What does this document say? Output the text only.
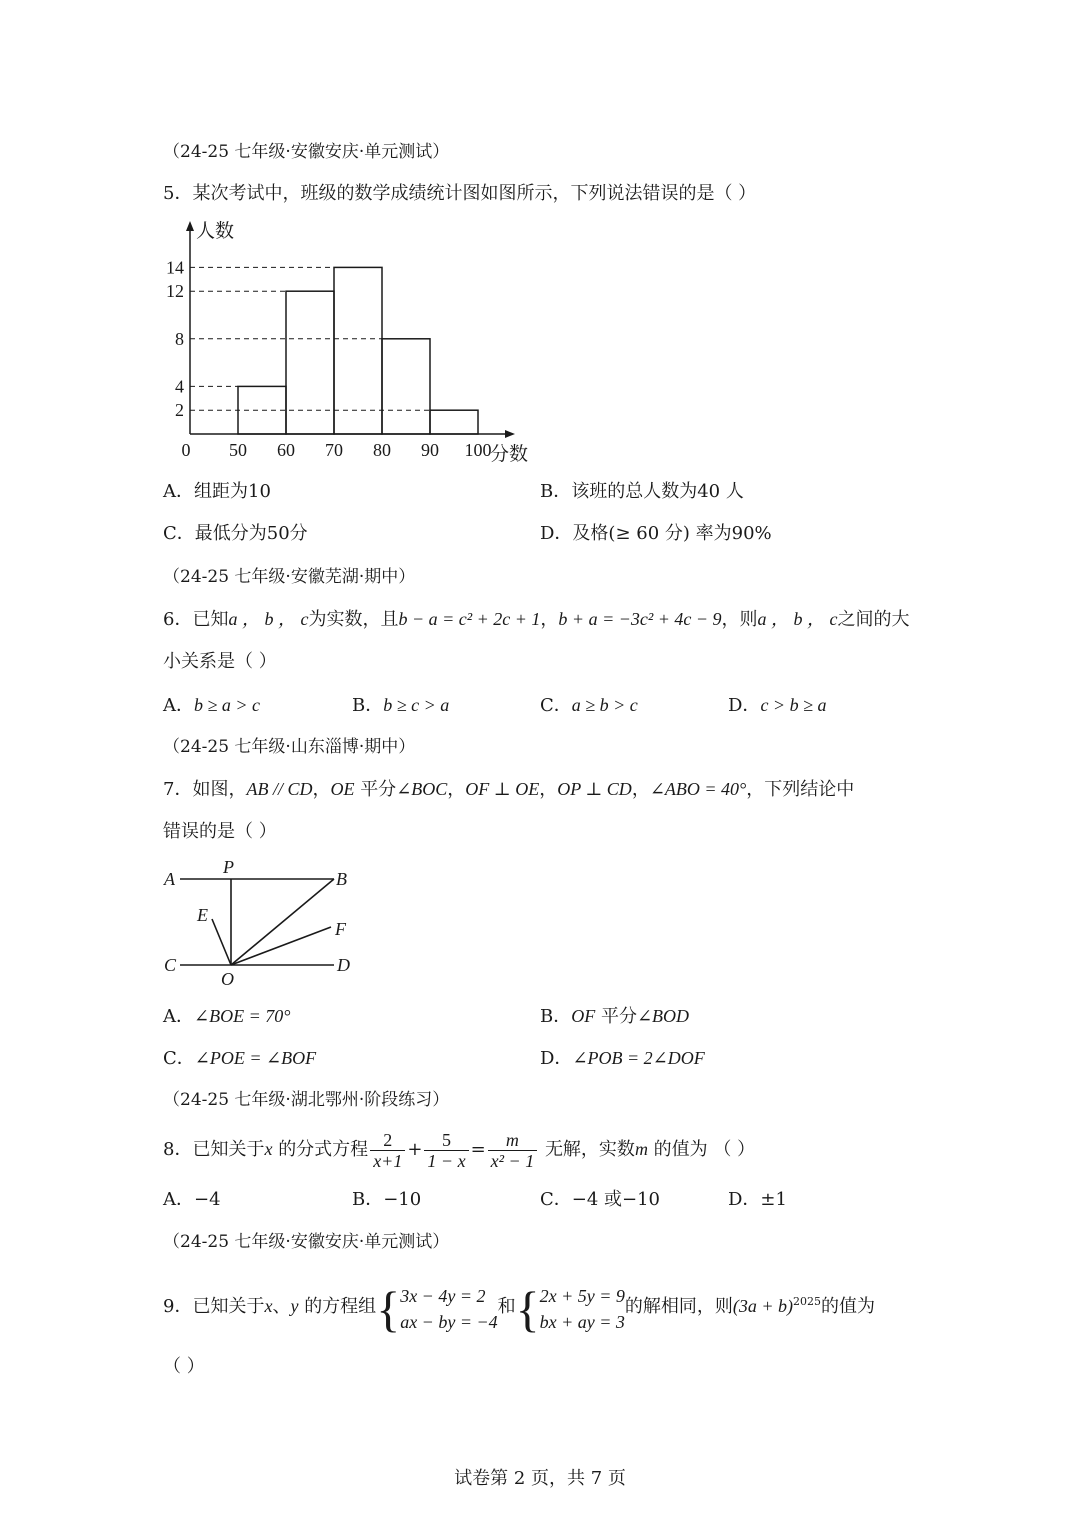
（24-25 七年级·安徽安庆·单元测试）
5．某次考试中，班级的数学成绩统计图如图所示，下列说法错误的是（ ）
2
4
8
12
14
0 50 60 70 80 90 100
人数
分数
A．组距为10	B．该班的总人数为40 人
C．最低分为50分	D．及格(≥ 60 分) 率为90%
（24-25 七年级·安徽芜湖·期中）
6．已知a ， b ， c为实数，且b − a = c² + 2c + 1，b + a = −3c² + 4c − 9，则a ， b ， c之间的大
小关系是（ ）
A．b ≥ a > c	B．b ≥ c > a	C．a ≥ b > c	D．c > b ≥ a
（24-25 七年级·山东淄博·期中）
7．如图，AB // CD，OE 平分∠BOC，OF ⊥ OE，OP ⊥ CD，∠ABO = 40°，下列结论中
错误的是（ ）
A
P
B
E
F
C
O
D
A．∠BOE = 70°	B．OF 平分∠BOD
C．∠POE = ∠BOF	D．∠POB = 2∠DOF
（24-25 七年级·湖北鄂州·阶段练习）
8．已知关于x 的分式方程 $\frac{2}{x+1} + \frac{5}{1 - x} = \frac{m}{\text{x² − 1}}$ 无解，实数m 的值为 （ ）
A．−4	B．−10	C．−4 或−10	D．±1
（24-25 七年级·安徽安庆·单元测试）
9．已知关于x、y 的方程组{ 3x − 4y = 2
ax − by = −4
和{ 2x + 5y = 9
bx + ay = 3
的解相同，则$(3a + b)^{2025}$的值为
（ ）
试卷第 2 页，共 7 页
